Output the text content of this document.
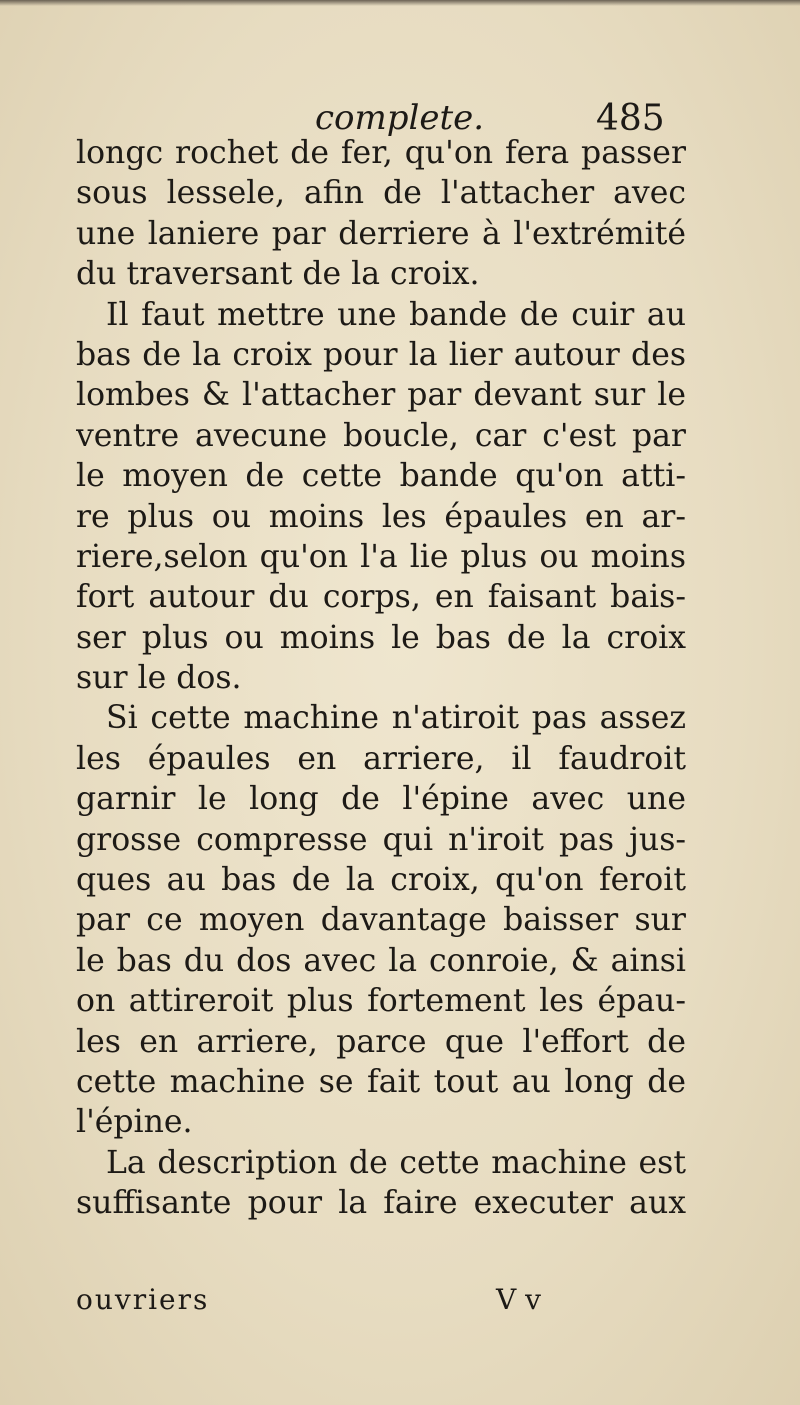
complete.	485
longc rochet de fer, qu'on fera passer
sous lessele, afin de l'attacher avec
une laniere par derriere à l'extrémité
du traversant de la croix.
Il faut mettre une bande de cuir au
bas de la croix pour la lier autour des
lombes & l'attacher par devant sur le
ventre avecune boucle, car c'est par
le moyen de cette bande qu'on atti-
re plus ou moins les épaules en ar-
riere,selon qu'on l'a lie plus ou moins
fort autour du corps, en faisant bais-
ser plus ou moins le bas de la croix
sur le dos.
Si cette machine n'atiroit pas assez
les épaules en arriere, il faudroit
garnir le long de l'épine avec une
grosse compresse qui n'iroit pas jus-
ques au bas de la croix, qu'on feroit
par ce moyen davantage baisser sur
le bas du dos avec la conroie, & ainsi
on attireroit plus fortement les épau-
les en arriere, parce que l'effort de
cette machine se fait tout au long de
l'épine.
La description de cette machine est
suffisante pour la faire executer aux
ouvriers	V v
